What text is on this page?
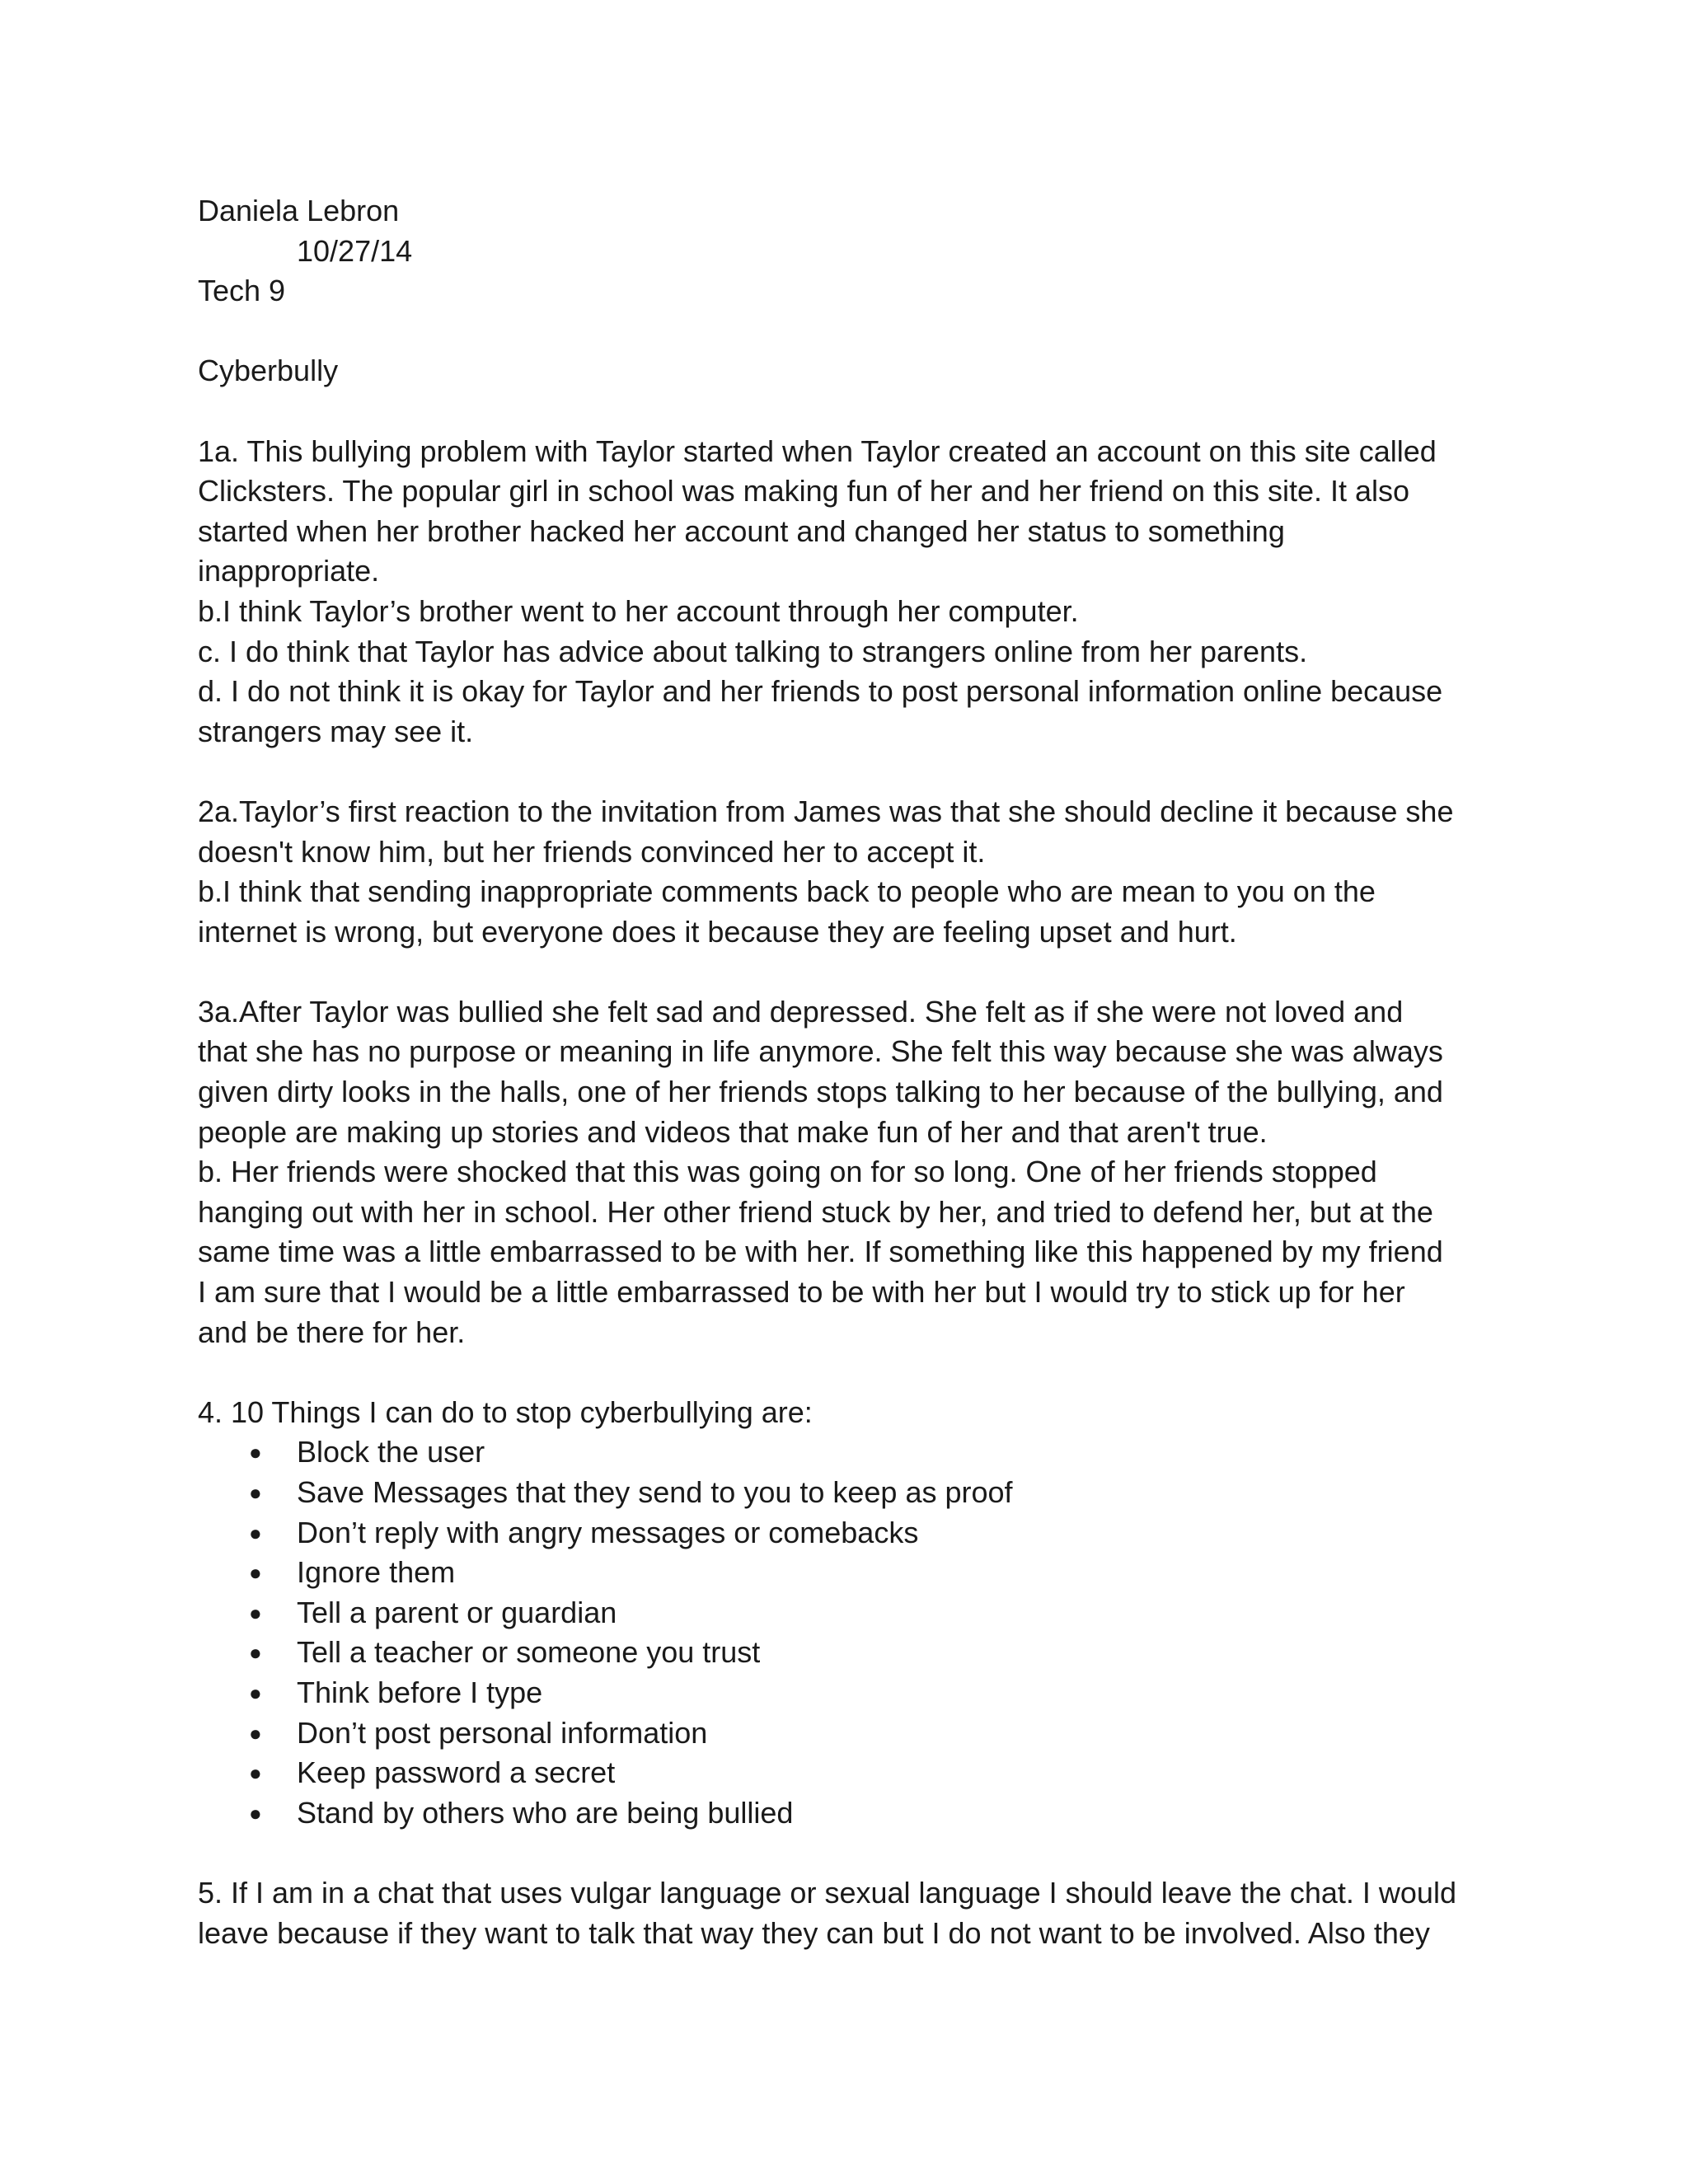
Daniela Lebron

10/27/14

Tech 9

Cyberbully

1a. This bullying problem with Taylor started when Taylor created an account on this site called

Clicksters. The popular girl in school was making fun of her and her friend on this site. It also

started when her brother hacked her account and changed her status to something

inappropriate.

b.I think Taylor’s brother went to her account through her computer.

c. I do think that Taylor has advice about talking to strangers online from her parents.

d. I do not think it is okay for Taylor and her friends to post personal information online because

strangers may see it.

2a.Taylor’s first reaction to the invitation from James was that she should decline it because she

doesn't know him, but her friends convinced her to accept it.

b.I think that sending inappropriate comments back to people who are mean to you on the

internet is wrong, but everyone does it because they are feeling upset and hurt.

3a.After Taylor was bullied she felt sad and depressed. She felt as if she were not loved and

that she has no purpose or meaning in life anymore. She felt this way because she was always

given dirty looks in the halls, one of her friends stops talking to her because of the bullying, and

people are making up stories and videos that make fun of her and that aren't true.

b. Her friends were shocked that this was going on for so long. One of her friends stopped

hanging out with her in school. Her other friend stuck by her, and tried to defend her, but at the

same time was a little embarrassed to be with her. If something like this happened by my friend

I am sure that I would be a little embarrassed to be with her but I would try to stick up for her

and be there for her.

4. 10 Things I can do to stop cyberbullying are:

● Block the user
● Save Messages that they send to you to keep as proof
● Don’t reply with angry messages or comebacks
● Ignore them
● Tell a parent or guardian
● Tell a teacher or someone you trust
● Think before I type
● Don’t post personal information
● Keep password a secret
● Stand by others who are being bullied

5. If I am in a chat that uses vulgar language or sexual language I should leave the chat. I would

leave because if they want to talk that way they can but I do not want to be involved. Also they
